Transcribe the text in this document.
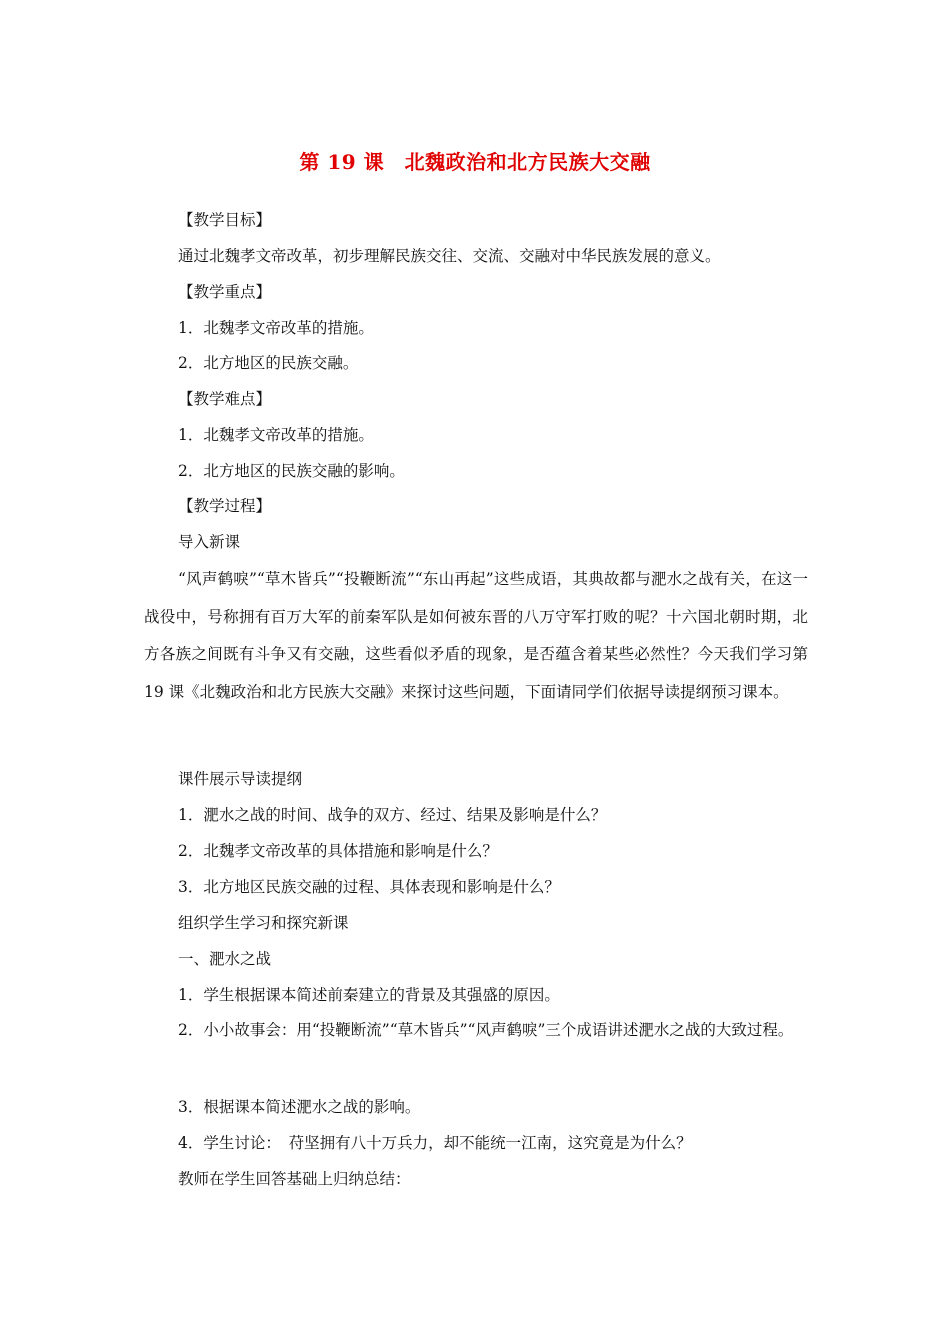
第 19 课　北魏政治和北方民族大交融
【教学目标】
通过北魏孝文帝改革，初步理解民族交往、交流、交融对中华民族发展的意义。
【教学重点】
1．北魏孝文帝改革的措施。
2．北方地区的民族交融。
【教学难点】
1．北魏孝文帝改革的措施。
2．北方地区的民族交融的影响。
【教学过程】
导入新课
“风声鹤唳”“草木皆兵”“投鞭断流”“东山再起”这些成语，其典故都与淝水之战有关，在这一战役中，号称拥有百万大军的前秦军队是如何被东晋的八万守军打败的呢？十六国北朝时期，北方各族之间既有斗争又有交融，这些看似矛盾的现象，是否蕴含着某些必然性？今天我们学习第 19 课《北魏政治和北方民族大交融》来探讨这些问题，下面请同学们依据导读提纲预习课本。
课件展示导读提纲
1．淝水之战的时间、战争的双方、经过、结果及影响是什么？
2．北魏孝文帝改革的具体措施和影响是什么？
3．北方地区民族交融的过程、具体表现和影响是什么？
组织学生学习和探究新课
一、淝水之战
1．学生根据课本简述前秦建立的背景及其强盛的原因。
2．小小故事会：用“投鞭断流”“草木皆兵”“风声鹤唳”三个成语讲述淝水之战的大致过程。
3．根据课本简述淝水之战的影响。
4．学生讨论：　苻坚拥有八十万兵力，却不能统一江南，这究竟是为什么？
教师在学生回答基础上归纳总结：
